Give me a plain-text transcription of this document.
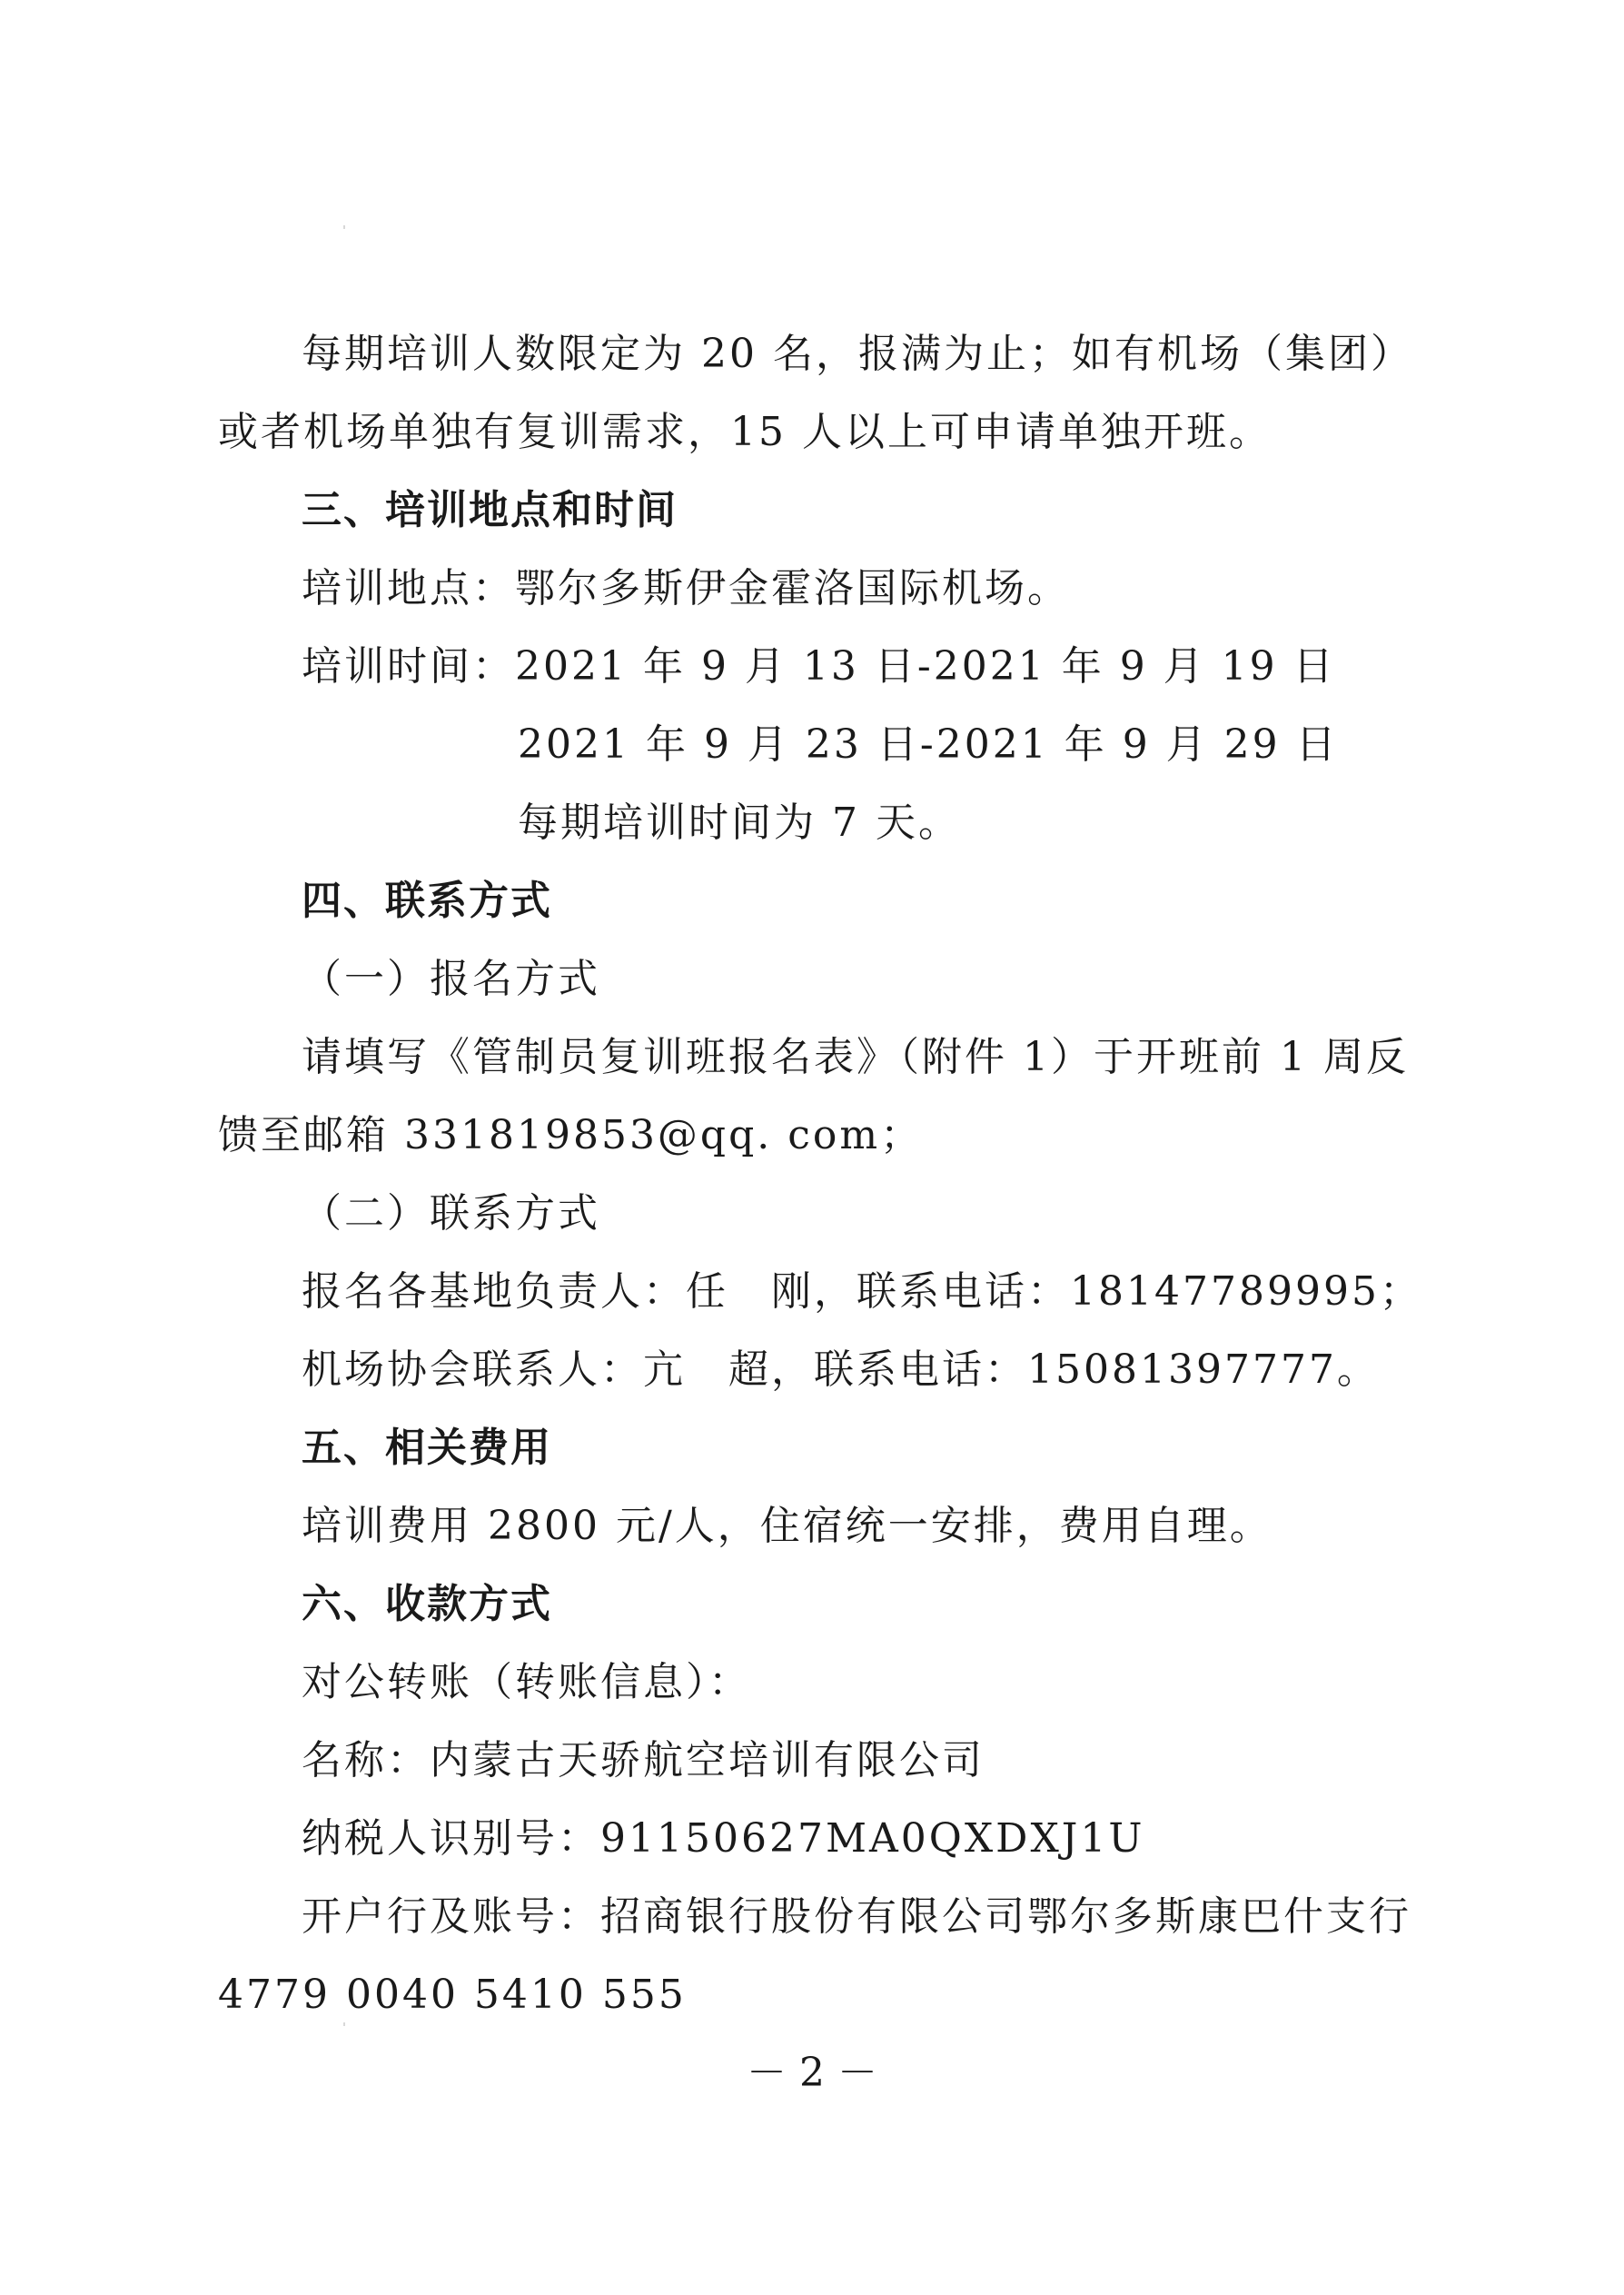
每期培训人数限定为 20 名，报满为止；如有机场（集团）
或者机场单独有复训需求，15 人以上可申请单独开班。
三、培训地点和时间
培训地点：鄂尔多斯伊金霍洛国际机场。
培训时间：2021 年 9 月 13 日-2021 年 9 月 19 日
2021 年 9 月 23 日-2021 年 9 月 29 日
每期培训时间为 7 天。
四、联系方式
（一）报名方式
请填写《管制员复训班报名表》（附件 1）于开班前 1 周反
馈至邮箱 331819853@qq. com；
（二）联系方式
报名各基地负责人：任　刚，联系电话：18147789995；
机场协会联系人：亢　超，联系电话：15081397777。
五、相关费用
培训费用 2800 元/人，住宿统一安排，费用自理。
六、收款方式
对公转账（转账信息）：
名称：内蒙古天骄航空培训有限公司
纳税人识别号：91150627MA0QXDXJ1U
开户行及账号：招商银行股份有限公司鄂尔多斯康巴什支行
4779 0040 5410 555
－ 2 －
